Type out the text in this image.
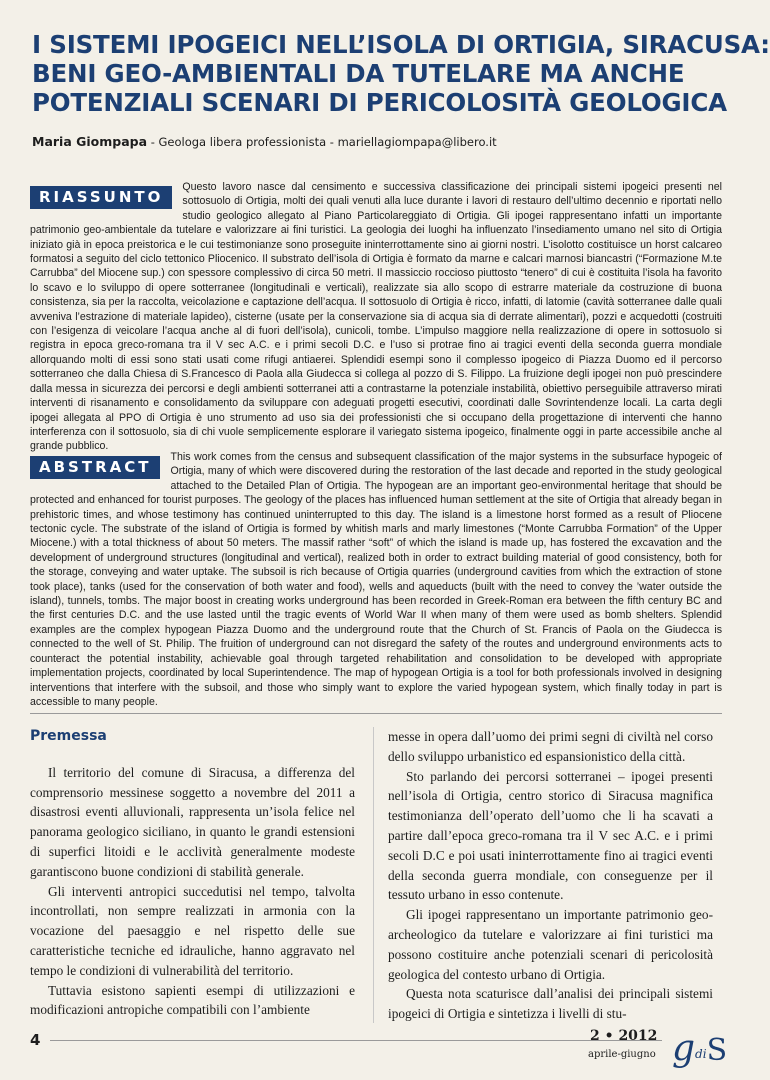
I SISTEMI IPOGEICI NELL’ISOLA DI ORTIGIA, SIRACUSA:
BENI GEO-AMBIENTALI DA TUTELARE MA ANCHE
POTENZIALI SCENARI DI PERICOLOSITÀ GEOLOGICA
Maria Giompapa - Geologa libera professionista - mariellagiompapa@libero.it
RIASSUNTO
Questo lavoro nasce dal censimento e successiva classificazione dei principali sistemi ipogeici presenti nel sottosuolo di Ortigia, molti dei quali venuti alla luce durante i lavori di restauro dell’ultimo decennio e riportati nello studio geologico allegato al Piano Particolareggiato di Ortigia. Gli ipogei rappresentano infatti un importante patrimonio geo-ambientale da tutelare e valorizzare ai fini turistici. La geologia dei luoghi ha influenzato l’insediamento umano nel sito di Ortigia iniziato già in epoca preistorica e le cui testimonianze sono proseguite ininterrottamente sino ai giorni nostri. L’isolotto costituisce un horst calcareo formatosi a seguito del ciclo tettonico Pliocenico. Il substrato dell’isola di Ortigia è formato da marne e calcari marnosi biancastri (“Formazione M.te Carrubba” del Miocene sup.) con spessore complessivo di circa 50 metri. Il massiccio roccioso piuttosto “tenero” di cui è costituita l’isola ha favorito lo scavo e lo sviluppo di opere sotterranee (longitudinali e verticali), realizzate sia allo scopo di estrarre materiale da costruzione di buona consistenza, sia per la raccolta, veicolazione e captazione dell’acqua. Il sottosuolo di Ortigia è ricco, infatti, di latomie (cavità sotterranee dalle quali avveniva l’estrazione di materiale lapideo), cisterne (usate per la conservazione sia di acqua sia di derrate alimentari), pozzi e acquedotti (costruiti con l’esigenza di veicolare l’acqua anche al di fuori dell’isola), cunicoli, tombe. L’impulso maggiore nella realizzazione di opere in sottosuolo si registra in epoca greco-romana tra il V sec A.C. e i primi secoli D.C. e l’uso si protrae fino ai tragici eventi della seconda guerra mondiale allorquando molti di essi sono stati usati come rifugi antiaerei. Splendidi esempi sono il complesso ipogeico di Piazza Duomo ed il percorso sotterraneo che dalla Chiesa di S.Francesco di Paola alla Giudecca si collega al pozzo di S. Filippo. La fruizione degli ipogei non può prescindere dalla messa in sicurezza dei percorsi e degli ambienti sotterranei atti a contrastarne la potenziale instabilità, obiettivo perseguibile attraverso mirati interventi di risanamento e consolidamento da sviluppare con adeguati progetti esecutivi, coordinati dalle Sovrintendenze locali. La carta degli ipogei allegata al PPO di Ortigia è uno strumento ad uso sia dei professionisti che si occupano della progettazione di interventi che hanno interferenza con il sottosuolo, sia di chi vuole semplicemente esplorare il variegato sistema ipogeico, finalmente oggi in parte accessibile anche al grande pubblico.
ABSTRACT
This work comes from the census and subsequent classification of the major systems in the subsurface hypogeic of Ortigia, many of which were discovered during the restoration of the last decade and reported in the study geological attached to the Detailed Plan of Ortigia. The hypogean are an important geo-environmental heritage that should be protected and enhanced for tourist purposes. The geology of the places has influenced human settlement at the site of Ortigia that already began in prehistoric times, and whose testimony has continued uninterrupted to this day. The island is a limestone horst formed as a result of Pliocene tectonic cycle. The substrate of the island of Ortigia is formed by whitish marls and marly limestones (“Monte Carrubba Formation” of the Upper Miocene.) with a total thickness of about 50 meters. The massif rather “soft” of which the island is made up, has fostered the excavation and the development of underground structures (longitudinal and vertical), realized both in order to extract building material of good consistency, both for the storage, conveying and water uptake. The subsoil is rich because of Ortigia quarries (underground cavities from which the extraction of stone took place), tanks (used for the conservation of both water and food), wells and aqueducts (built with the need to convey the ’water outside the island), tunnels, tombs. The major boost in creating works underground has been recorded in Greek-Roman era between the fifth century BC and the first centuries D.C. and the use lasted until the tragic events of World War II when many of them were used as bomb shelters. Splendid examples are the complex hypogean Piazza Duomo and the underground route that the Church of St. Francis of Paola on the Giudecca is connected to the well of St. Philip. The fruition of underground can not disregard the safety of the routes and underground environments acts to counteract the potential instability, achievable goal through targeted rehabilitation and consolidation to be developed with appropriate implementation projects, coordinated by local Superintendence. The map of hypogean Ortigia is a tool for both professionals involved in designing interventions that interfere with the subsoil, and those who simply want to explore the varied hypogean system, which finally today in part is accessible to many people.
Premessa

Il territorio del comune di Siracusa, a differenza del comprensorio messinese soggetto a novembre del 2011 a disastrosi eventi alluvionali, rappresenta un’isola felice nel panorama geologico siciliano, in quanto le grandi estensioni di superfici litoidi e le acclività generalmente modeste garantiscono buone condizioni di stabilità generale.

Gli interventi antropici succedutisi nel tempo, talvolta incontrollati, non sempre realizzati in armonia con la vocazione del paesaggio e nel rispetto delle sue caratteristiche tecniche ed idrauliche, hanno aggravato nel tempo le condizioni di vulnerabilità del territorio.

Tuttavia esistono sapienti esempi di utilizzazioni e modificazioni antropiche compatibili con l’ambiente

messe in opera dall’uomo dei primi segni di civiltà nel corso dello sviluppo urbanistico ed espansionistico della città.

Sto parlando dei percorsi sotterranei – ipogei presenti nell’isola di Ortigia, centro storico di Siracusa magnifica testimonianza dell’operato dell’uomo che li ha scavati a partire dall’epoca greco-romana tra il V sec A.C. e i primi secoli D.C e poi usati ininterrottamente fino ai tragici eventi della seconda guerra mondiale, con conseguenze per il tessuto urbano in esso contenute.

Gli ipogei rappresentano un importante patrimonio geo-archeologico da tutelare e valorizzare ai fini turistici ma possono costituire anche potenziali scenari di pericolosità geologica del contesto urbano di Ortigia.

Questa nota scaturisce dall’analisi dei principali sistemi ipogeici di Ortigia e sintetizza i livelli di stu-

4	2 • 2012
aprile-giugno gdiS
